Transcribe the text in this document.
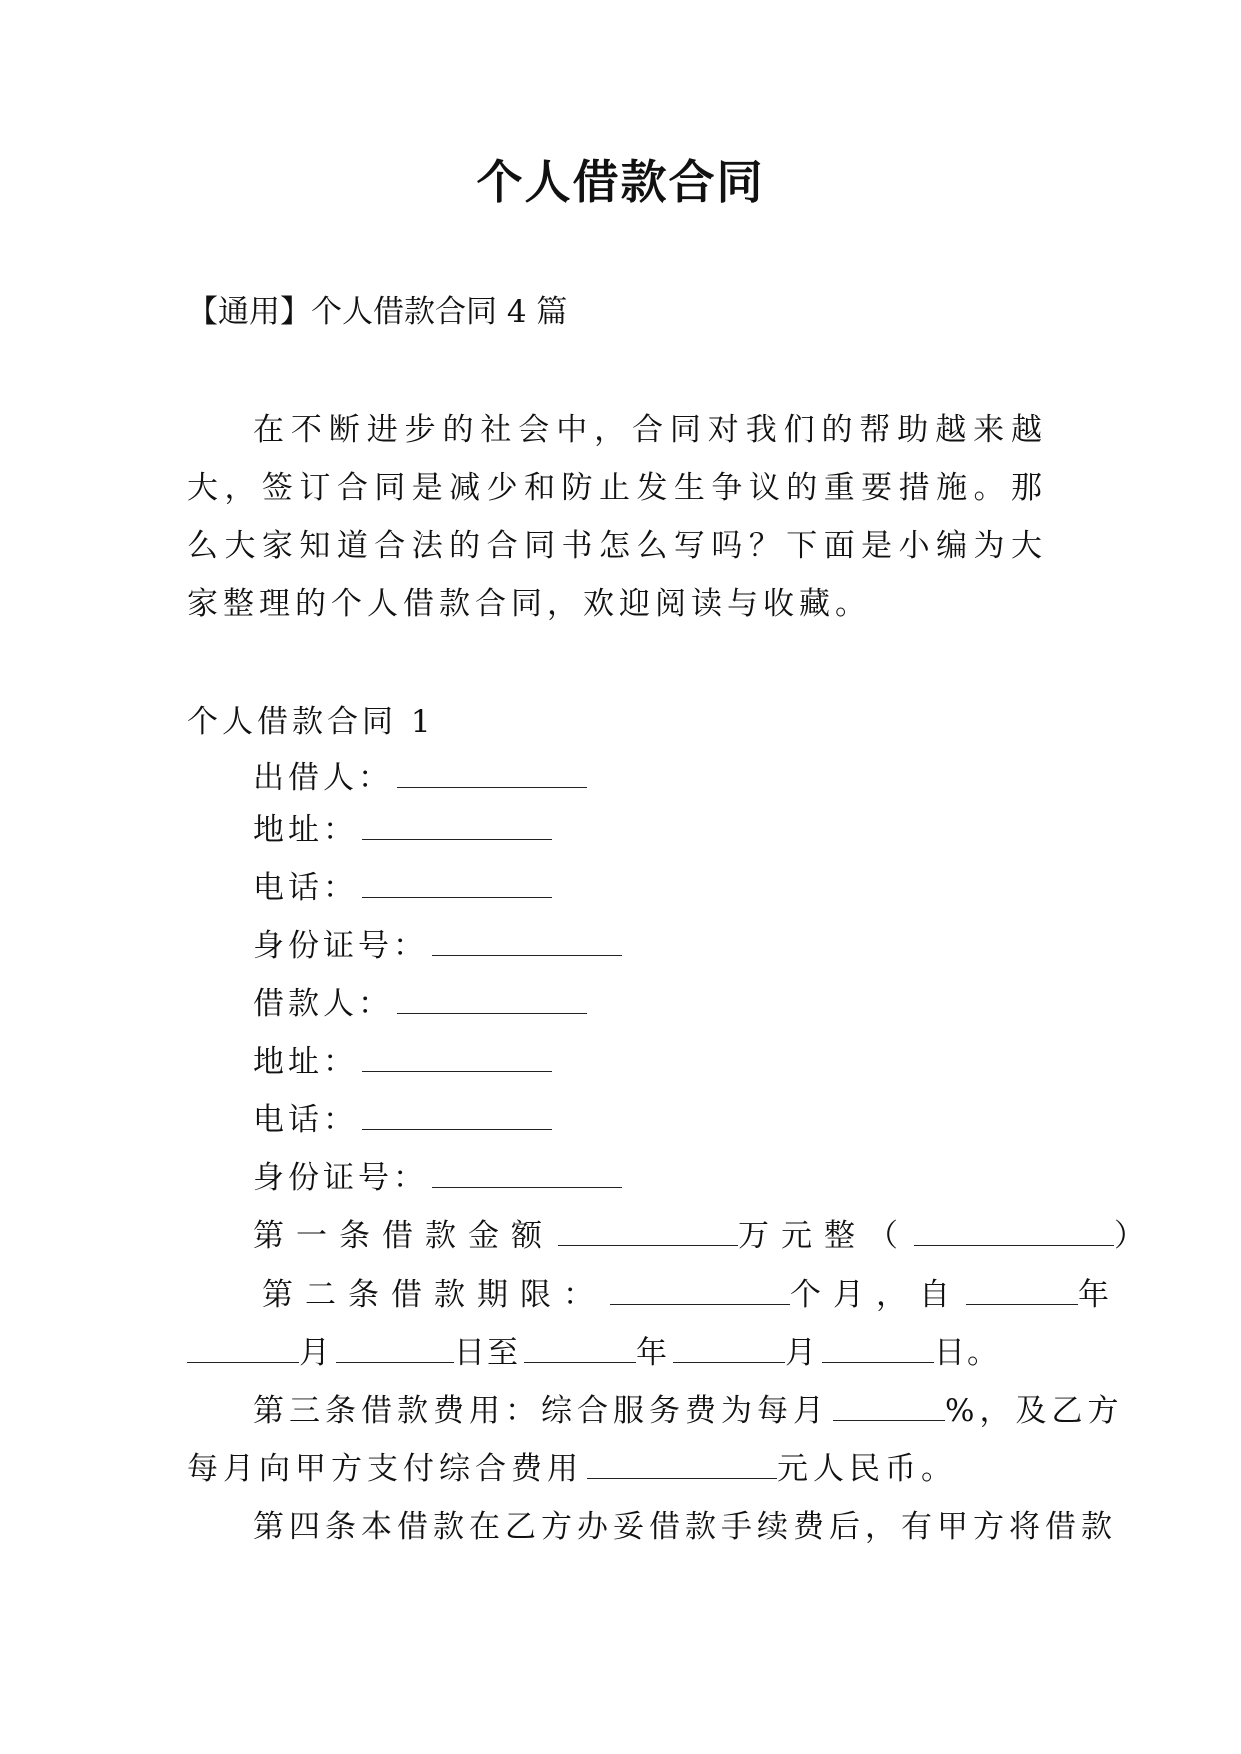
个人借款合同
【通用】个人借款合同 4 篇
在不断进步的社会中，合同对我们的帮助越来越大，签订合同是减少和防止发生争议的重要措施。那么大家知道合法的合同书怎么写吗？下面是小编为大家整理的个人借款合同，欢迎阅读与收藏。
个人借款合同 1
出借人：
地址：
电话：
身份证号：
借款人：
地址：
电话：
身份证号：
第一条借款金额	万元整（	）
第二条借款期限：	个月，自	年
月	日至	年	月	日。
第三条借款费用：综合服务费为每月	%，及乙方
每月向甲方支付综合费用	元人民币。
第四条本借款在乙方办妥借款手续费后，有甲方将借款
